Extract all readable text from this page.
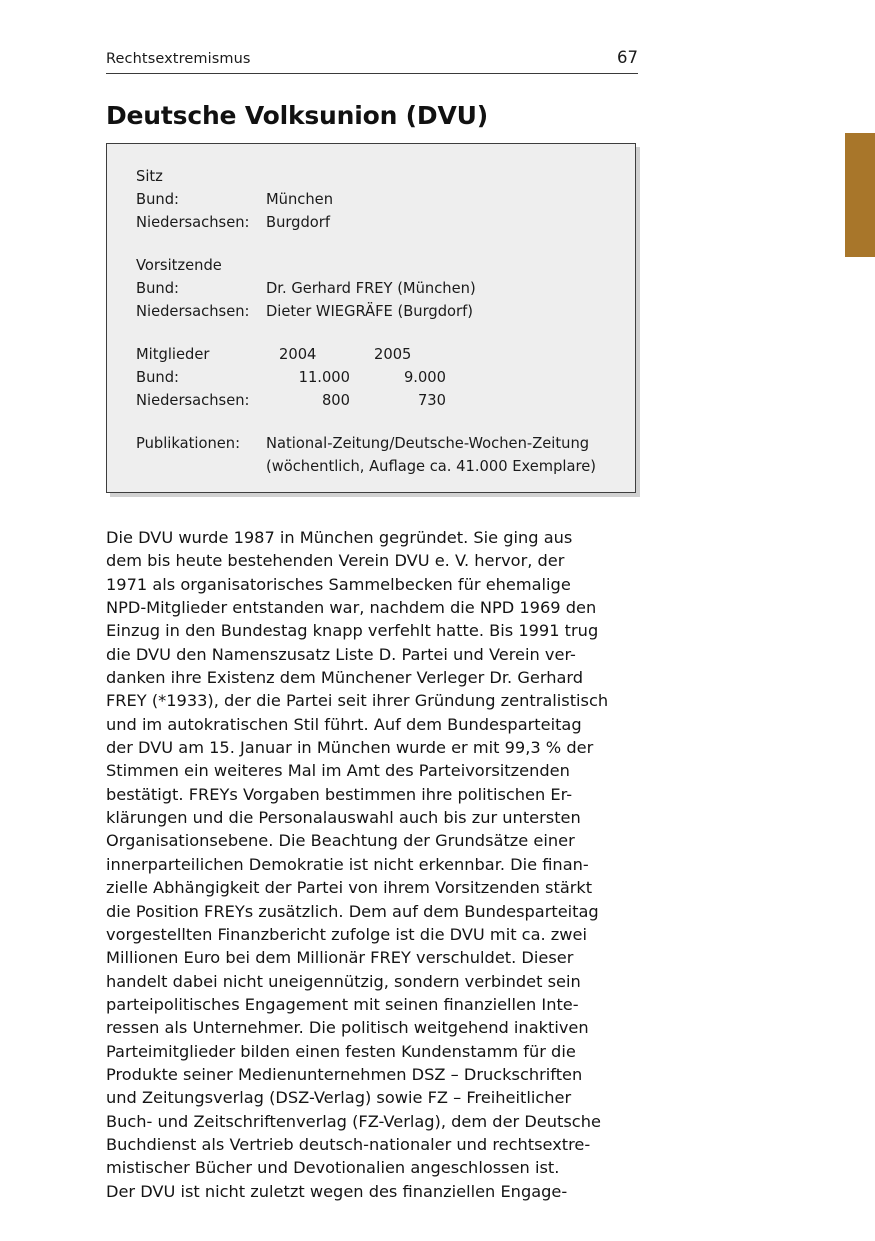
Rechtsextremismus	67
Deutsche Volksunion (DVU)
Sitz
Bund:	München
Niedersachsen:	Burgdorf
Vorsitzende
Bund:	Dr. Gerhard FREY (München)
Niedersachsen:	Dieter WIEGRÄFE (Burgdorf)
Mitglieder	2004	2005
Bund:	11.000	9.000
Niedersachsen:	800	730
Publikationen:	National-Zeitung/Deutsche-Wochen-Zeitung
(wöchentlich, Auflage ca. 41.000 Exemplare)
Die DVU wurde 1987 in München gegründet. Sie ging aus
dem bis heute bestehenden Verein DVU e. V. hervor, der
1971 als organisatorisches Sammelbecken für ehemalige
NPD-Mitglieder entstanden war, nachdem die NPD 1969 den
Einzug in den Bundestag knapp verfehlt hatte. Bis 1991 trug
die DVU den Namenszusatz Liste D. Partei und Verein ver-
danken ihre Existenz dem Münchener Verleger Dr. Gerhard
FREY (*1933), der die Partei seit ihrer Gründung zentralistisch
und im autokratischen Stil führt. Auf dem Bundesparteitag
der DVU am 15. Januar in München wurde er mit 99,3 % der
Stimmen ein weiteres Mal im Amt des Parteivorsitzenden
bestätigt. FREYs Vorgaben bestimmen ihre politischen Er-
klärungen und die Personalauswahl auch bis zur untersten
Organisationsebene. Die Beachtung der Grundsätze einer
innerparteilichen Demokratie ist nicht erkennbar. Die finan-
zielle Abhängigkeit der Partei von ihrem Vorsitzenden stärkt
die Position FREYs zusätzlich. Dem auf dem Bundesparteitag
vorgestellten Finanzbericht zufolge ist die DVU mit ca. zwei
Millionen Euro bei dem Millionär FREY verschuldet. Dieser
handelt dabei nicht uneigennützig, sondern verbindet sein
parteipolitisches Engagement mit seinen finanziellen Inte-
ressen als Unternehmer. Die politisch weitgehend inaktiven
Parteimitglieder bilden einen festen Kundenstamm für die
Produkte seiner Medienunternehmen DSZ – Druckschriften
und Zeitungsverlag (DSZ-Verlag) sowie FZ – Freiheitlicher
Buch- und Zeitschriftenverlag (FZ-Verlag), dem der Deutsche
Buchdienst als Vertrieb deutsch-nationaler und rechtsextre-
mistischer Bücher und Devotionalien angeschlossen ist.
Der DVU ist nicht zuletzt wegen des finanziellen Engage-
